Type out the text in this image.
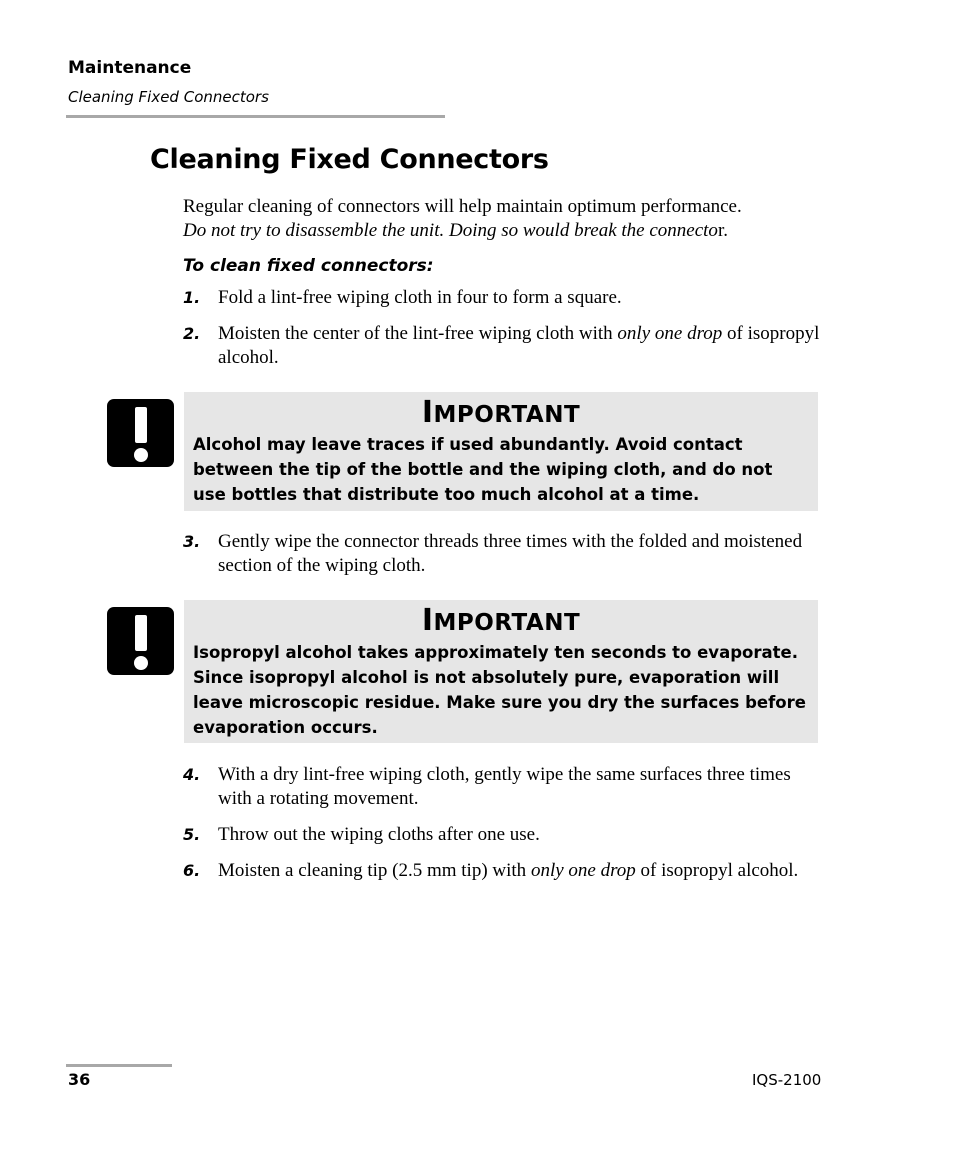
Maintenance
Cleaning Fixed Connectors
Cleaning Fixed Connectors
Regular cleaning of connectors will help maintain optimum performance.
Do not try to disassemble the unit. Doing so would break the connector.
To clean fixed connectors:
1. Fold a lint-free wiping cloth in four to form a square.
2. Moisten the center of the lint-free wiping cloth with only one drop of isopropyl alcohol.
IMPORTANT
Alcohol may leave traces if used abundantly. Avoid contact between the tip of the bottle and the wiping cloth, and do not use bottles that distribute too much alcohol at a time.
3. Gently wipe the connector threads three times with the folded and moistened section of the wiping cloth.
IMPORTANT
Isopropyl alcohol takes approximately ten seconds to evaporate. Since isopropyl alcohol is not absolutely pure, evaporation will leave microscopic residue. Make sure you dry the surfaces before evaporation occurs.
4. With a dry lint-free wiping cloth, gently wipe the same surfaces three times with a rotating movement.
5. Throw out the wiping cloths after one use.
6. Moisten a cleaning tip (2.5 mm tip) with only one drop of isopropyl alcohol.
36	IQS-2100
